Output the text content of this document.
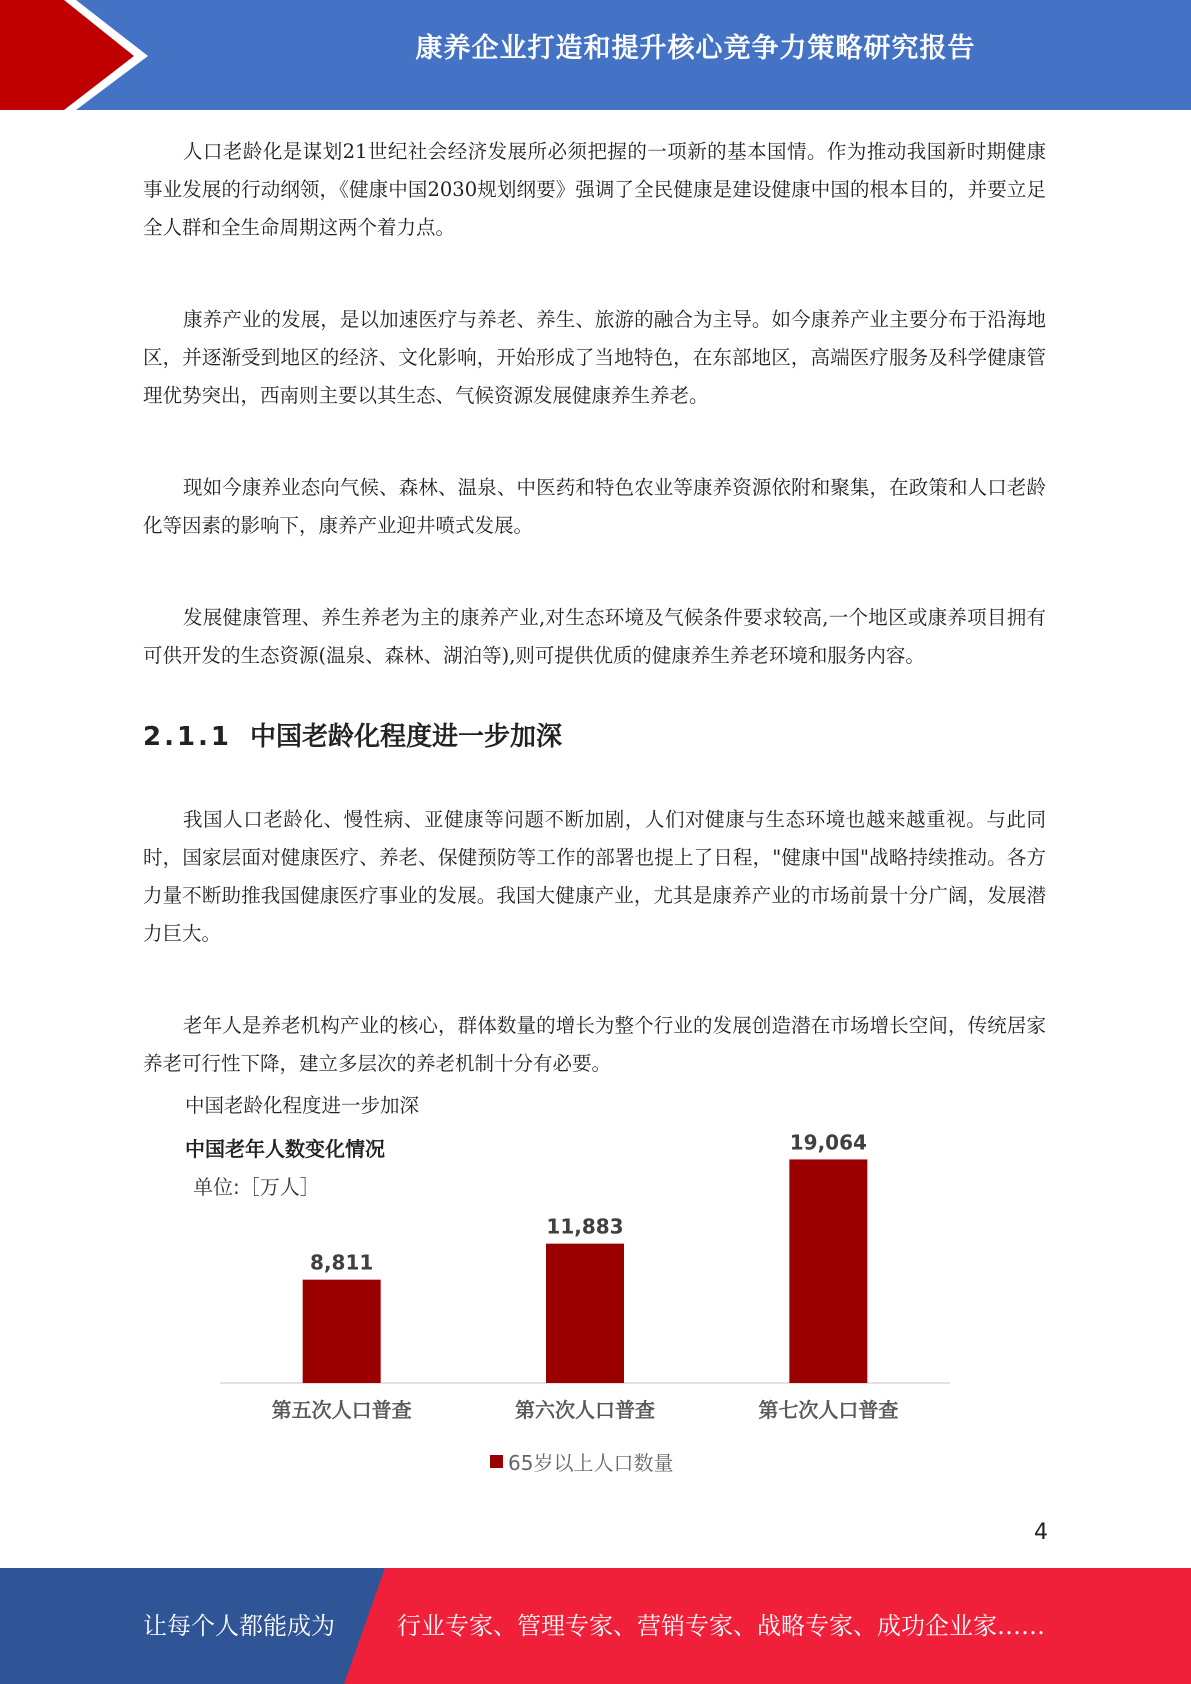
康养企业打造和提升核心竞争力策略研究报告

人口老龄化是谋划21世纪社会经济发展所必须把握的一项新的基本国情。作为推动我国新时期健康事业发展的行动纲领，《健康中国2030规划纲要》强调了全民健康是建设健康中国的根本目的，并要立足全人群和全生命周期这两个着力点。

康养产业的发展，是以加速医疗与养老、养生、旅游的融合为主导。如今康养产业主要分布于沿海地区，并逐渐受到地区的经济、文化影响，开始形成了当地特色，在东部地区，高端医疗服务及科学健康管理优势突出，西南则主要以其生态、气候资源发展健康养生养老。

现如今康养业态向气候、森林、温泉、中医药和特色农业等康养资源依附和聚集，在政策和人口老龄化等因素的影响下，康养产业迎井喷式发展。

发展健康管理、养生养老为主的康养产业,对生态环境及气候条件要求较高,一个地区或康养项目拥有可供开发的生态资源(温泉、森林、湖泊等),则可提供优质的健康养生养老环境和服务内容。

2.1.1 中国老龄化程度进一步加深

我国人口老龄化、慢性病、亚健康等问题不断加剧，人们对健康与生态环境也越来越重视。与此同时，国家层面对健康医疗、养老、保健预防等工作的部署也提上了日程，"健康中国"战略持续推动。各方力量不断助推我国健康医疗事业的发展。我国大健康产业，尤其是康养产业的市场前景十分广阔，发展潜力巨大。

老年人是养老机构产业的核心，群体数量的增长为整个行业的发展创造潜在市场增长空间，传统居家养老可行性下降，建立多层次的养老机制十分有必要。

中国老龄化程度进一步加深
8,811
第五次人口普查
11,883
第六次人口普查
19,064
第七次人口普查
中国老年人数变化情况
单位:［万人］
65岁以上人口数量
4
让每个人都能成为	行业专家、管理专家、营销专家、战略专家、成功企业家……
